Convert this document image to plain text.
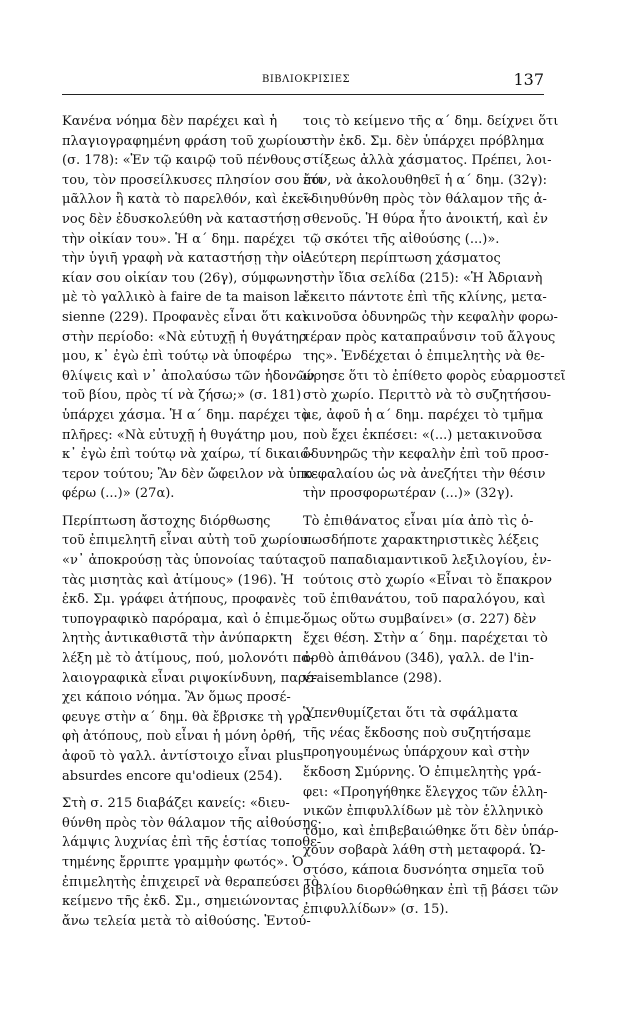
ΒΙΒΛΙΟΚΡΙΣΙΕΣ	137
Κανένα νόημα δὲν παρέχει καὶ ἡ
πλαγιογραφημένη φράση τοῦ χωρίου
(σ. 178): «Ἐν τῷ καιρῷ τοῦ πένθους
του, τὸν προσείλκυσες πλησίον σου ἔτι
μᾶλλον ἢ κατὰ τὸ παρελθόν, καὶ ἐκεῖ-
νος δὲν ἐδυσκολεύθη νὰ καταστήσῃ
τὴν οἰκίαν του». Ἡ α΄ δημ. παρέχει
τὴν ὑγιῆ γραφὴ νὰ καταστήσῃ τὴν οἰ-
κίαν σου οἰκίαν του (26γ), σύμφωνη
μὲ τὸ γαλλικὸ à faire de ta maison la
sienne (229). Προφανὲς εἶναι ὅτι καὶ
στὴν περίοδο: «Νὰ εὐτυχῇ ἡ θυγάτηρ
μου, κ᾿ ἐγὼ ἐπὶ τούτῳ νὰ ὑποφέρω
θλίψεις καὶ ν᾿ ἀπολαύσω τῶν ἡδονῶν
τοῦ βίου, πρὸς τί νὰ ζήσω;» (σ. 181)
ὑπάρχει χάσμα. Ἡ α΄ δημ. παρέχει τὸ
πλῆρες: «Νὰ εὐτυχῇ ἡ θυγάτηρ μου,
κ᾿ ἐγὼ ἐπὶ τούτῳ νὰ χαίρω, τί δικαιό-
τερον τούτου; Ἂν δὲν ὤφειλον νὰ ὑπο-
φέρω (...)» (27α).
Περίπτωση ἄστοχης διόρθωσης
τοῦ ἐπιμελητῆ εἶναι αὐτὴ τοῦ χωρίου
«ν᾿ ἀποκρούσῃ τὰς ὑπονοίας ταύτας,
τὰς μισητὰς καὶ ἀτίμους» (196). Ἡ
ἐκδ. Σμ. γράφει ἀτήπους, προφανὲς
τυπογραφικὸ παρόραμα, καὶ ὁ ἐπιμε-
λητὴς ἀντικαθιστᾶ τὴν ἀνύπαρκτη
λέξη μὲ τὸ ἀτίμους, πού, μολονότι πα-
λαιογραφικὰ εἶναι ριψοκίνδυνη, παρέ-
χει κάποιο νόημα. Ἂν ὅμως προσέ-
φευγε στὴν α΄ δημ. θὰ ἔβρισκε τὴ γρα-
φὴ ἀτόπους, ποὺ εἶναι ἡ μόνη ὀρθή,
ἀφοῦ τὸ γαλλ. ἀντίστοιχο εἶναι plus
absurdes encore qu'odieux (254).
Στὴ σ. 215 διαβάζει κανείς: «διευ-
θύνθη πρὸς τὸν θάλαμον τῆς αἰθούσης·
λάμψις λυχνίας ἐπὶ τῆς ἑστίας τοποθε-
τημένης ἔρριπτε γραμμὴν φωτός». Ὁ
ἐπιμελητὴς ἐπιχειρεῖ νὰ θεραπεύσει τὸ
κείμενο τῆς ἐκδ. Σμ., σημειώνοντας
ἄνω τελεία μετὰ τὸ αἰθούσης. Ἐντού-
τοις τὸ κείμενο τῆς α΄ δημ. δείχνει ὅτι
στὴν ἐκδ. Σμ. δὲν ὑπάρχει πρόβλημα
στίξεως ἀλλὰ χάσματος. Πρέπει, λοι-
πόν, νὰ ἀκολουθηθεῖ ἡ α΄ δημ. (32γ):
«διηυθύνθη πρὸς τὸν θάλαμον τῆς ἀ-
σθενοῦς. Ἡ θύρα ἦτο ἀνοικτή, καὶ ἐν
τῷ σκότει τῆς αἰθούσης (...)».
Δεύτερη περίπτωση χάσματος
στὴν ἴδια σελίδα (215): «Ἡ Ἀδριανὴ
ἔκειτο πάντοτε ἐπὶ τῆς κλίνης, μετα-
κινοῦσα ὀδυνηρῶς τὴν κεφαλὴν φορω-
τέραν πρὸς καταπραΰνσιν τοῦ ἄλγους
της». Ἐνδέχεται ὁ ἐπιμελητὴς νὰ θε-
ώρησε ὅτι τὸ ἐπίθετο φορὸς εὐαρμοστεῖ
στὸ χωρίο. Περιττὸ νὰ τὸ συζητήσου-
με, ἀφοῦ ἡ α΄ δημ. παρέχει τὸ τμῆμα
ποὺ ἔχει ἐκπέσει: «(...) μετακινοῦσα
ὀδυνηρῶς τὴν κεφαλὴν ἐπὶ τοῦ προσ-
κεφαλαίου ὡς νὰ ἀνεζήτει τὴν θέσιν
τὴν προσφορωτέραν (...)» (32γ).
Τὸ ἐπιθάνατος εἶναι μία ἀπὸ τὶς ὁ-
πωσδήποτε χαρακτηριστικὲς λέξεις
τοῦ παπαδιαμαντικοῦ λεξιλογίου, ἐν-
τούτοις στὸ χωρίο «Εἶναι τὸ ἔπακρον
τοῦ ἐπιθανάτου, τοῦ παραλόγου, καὶ
ὅμως οὕτω συμβαίνει» (σ. 227) δὲν
ἔχει θέση. Στὴν α΄ δημ. παρέχεται τὸ
ὀρθὸ ἀπιθάνου (34δ), γαλλ. de l'in-
vraisemblance (298).
Ὑπενθυμίζεται ὅτι τὰ σφάλματα
τῆς νέας ἔκδοσης ποὺ συζητήσαμε
προηγουμένως ὑπάρχουν καὶ στὴν
ἔκδοση Σμύρνης. Ὁ ἐπιμελητὴς γρά-
φει: «Προηγήθηκε ἔλεγχος τῶν ἑλλη-
νικῶν ἐπιφυλλίδων μὲ τὸν ἑλληνικὸ
τόμο, καὶ ἐπιβεβαιώθηκε ὅτι δὲν ὑπάρ-
χουν σοβαρὰ λάθη στὴ μεταφορά. Ὡ-
στόσο, κάποια δυσνόητα σημεῖα τοῦ
βιβλίου διορθώθηκαν ἐπὶ τῇ βάσει τῶν
ἐπιφυλλίδων» (σ. 15).
